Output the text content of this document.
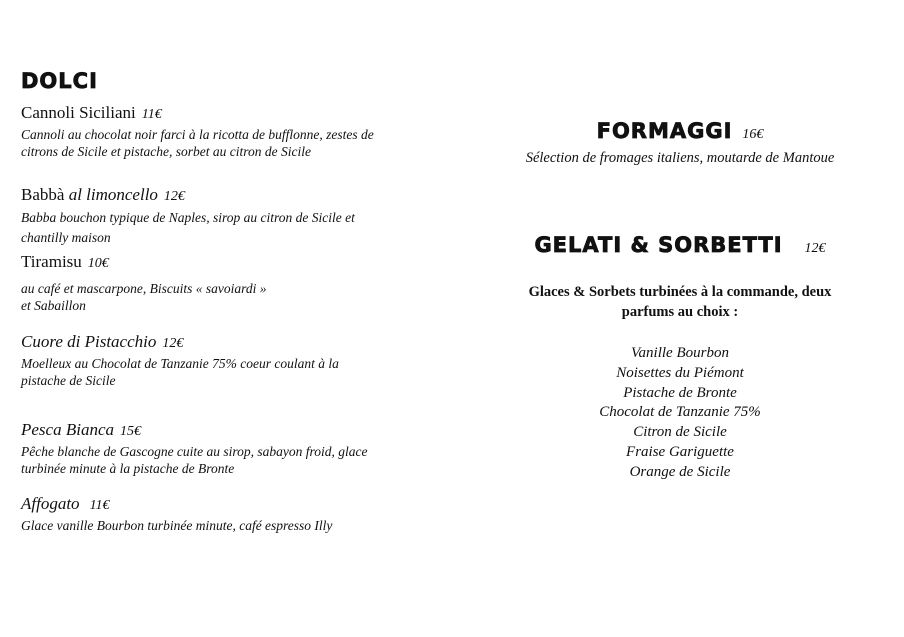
DOLCI
Cannoli Siciliani 11€
Cannoli au chocolat noir farci à la ricotta de bufflonne, zestes de
citrons de Sicile et pistache, sorbet au citron de Sicile
Babbà al limoncello 12€
Babba bouchon typique de Naples, sirop au citron de Sicile et
chantilly maison
Tiramisu 10€
au café et mascarpone, Biscuits « savoiardi »
et Sabaillon
Cuore di Pistacchio 12€
Moelleux au Chocolat de Tanzanie 75% coeur coulant à la
pistache de Sicile
Pesca Bianca 15€
Pêche blanche de Gascogne cuite au sirop, sabayon froid, glace
turbinée minute à la pistache de Bronte
Affogato 11€
Glace vanille Bourbon turbinée minute, café espresso Illy
FORMAGGI 16€
Sélection de fromages italiens, moutarde de Mantoue
GELATI & SORBETTI 12€
Glaces & Sorbets turbinées à la commande, deux
parfums au choix :
Vanille Bourbon
Noisettes du Piémont
Pistache de Bronte
Chocolat de Tanzanie 75%
Citron de Sicile
Fraise Gariguette
Orange de Sicile
